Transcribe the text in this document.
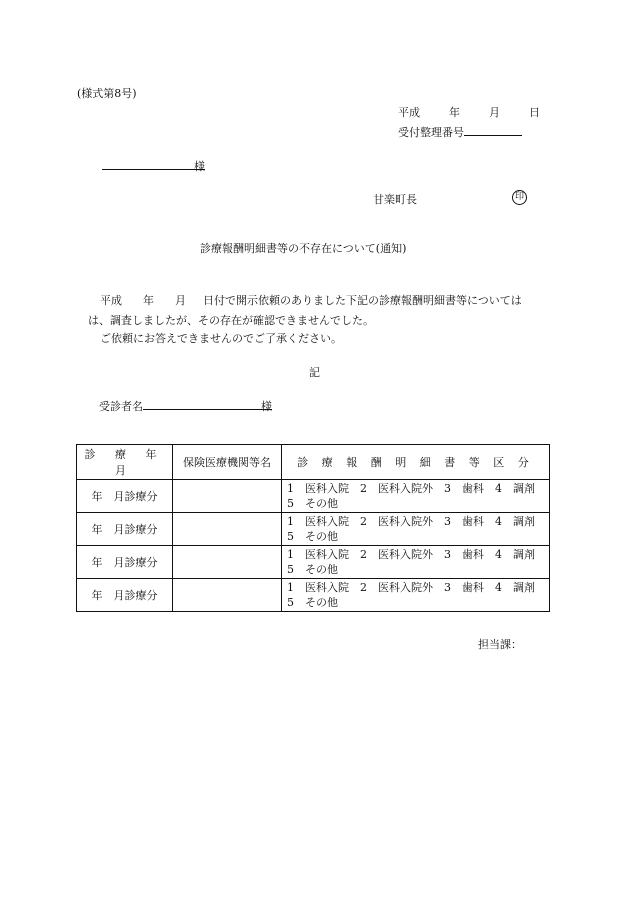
(様式第8号)
平成	年	月	日
受付整理番号
様
甘楽町長	印
診療報酬明細書等の不存在について(通知)
平成 年 月 日付で開示依頼のありました下記の診療報酬明細書等については
は、調査しましたが、その存在が確認できませんでした。
ご依頼にお答えできませんのでご了承ください。
記
受診者名	様
診 療 年 月	保険医療機関等名	診 療 報 酬 明 細 書 等 区 分
年　月診療分		1　医科入院　2　医科入院外　3　歯科　4　調剤
5　その他

年　月診療分		1　医科入院　2　医科入院外　3　歯科　4　調剤
5　その他

年　月診療分		1　医科入院　2　医科入院外　3　歯科　4　調剤
5　その他

年　月診療分		1　医科入院　2　医科入院外　3　歯科　4　調剤
5　その他
担当課：
